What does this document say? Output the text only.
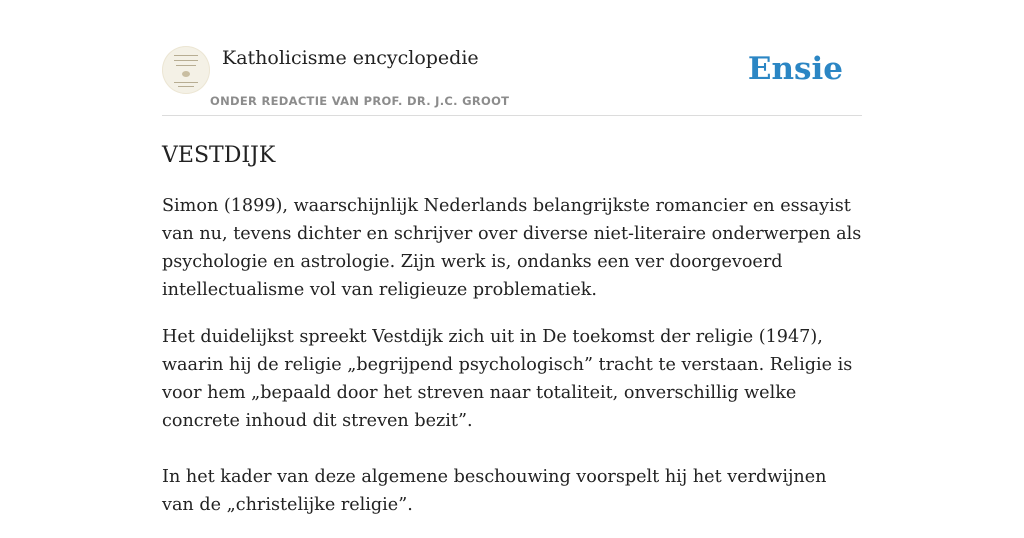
Katholicisme encyclopedie
ONDER REDACTIE VAN PROF. DR. J.C. GROOT
Ensie
VESTDIJK

Simon (1899), waarschijnlijk Nederlands belangrijkste romancier en essayist van nu, tevens dichter en schrijver over diverse niet-literaire onderwerpen als psychologie en astrologie. Zijn werk is, ondanks een ver doorgevoerd intellectualisme vol van religieuze problematiek.

Het duidelijkst spreekt Vestdijk zich uit in De toekomst der religie (1947), waarin hij de religie „begrijpend psychologisch” tracht te verstaan. Religie is voor hem „bepaald door het streven naar totaliteit, onverschillig welke concrete inhoud dit streven bezit”.

In het kader van deze algemene beschouwing voorspelt hij het verdwijnen van de „christelijke religie”.
